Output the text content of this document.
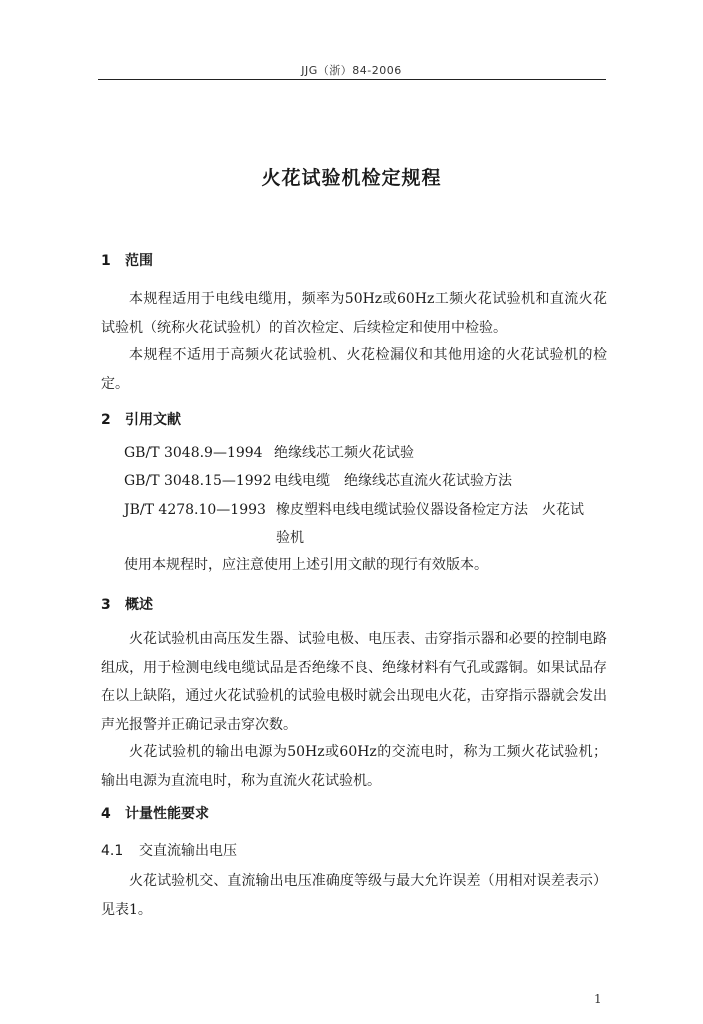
JJG（浙）84-2006
火花试验机检定规程
1 范围
本规程适用于电线电缆用，频率为50Hz或60Hz工频火花试验机和直流火花试验机（统称火花试验机）的首次检定、后续检定和使用中检验。
本规程不适用于高频火花试验机、火花检漏仪和其他用途的火花试验机的检定。
2 引用文献
GB/T 3048.9—1994 绝缘线芯工频火花试验
GB/T 3048.15—1992 电线电缆　绝缘线芯直流火花试验方法
JB/T 4278.10—1993 橡皮塑料电线电缆试验仪器设备检定方法　火花试
验机
使用本规程时，应注意使用上述引用文献的现行有效版本。
3 概述
火花试验机由高压发生器、试验电极、电压表、击穿指示器和必要的控制电路组成，用于检测电线电缆试品是否绝缘不良、绝缘材料有气孔或露铜。如果试品存在以上缺陷，通过火花试验机的试验电极时就会出现电火花，击穿指示器就会发出声光报警并正确记录击穿次数。
火花试验机的输出电源为50Hz或60Hz的交流电时，称为工频火花试验机；输出电源为直流电时，称为直流火花试验机。
4 计量性能要求
4.1 交直流输出电压
火花试验机交、直流输出电压准确度等级与最大允许误差（用相对误差表示）见表1。
1
